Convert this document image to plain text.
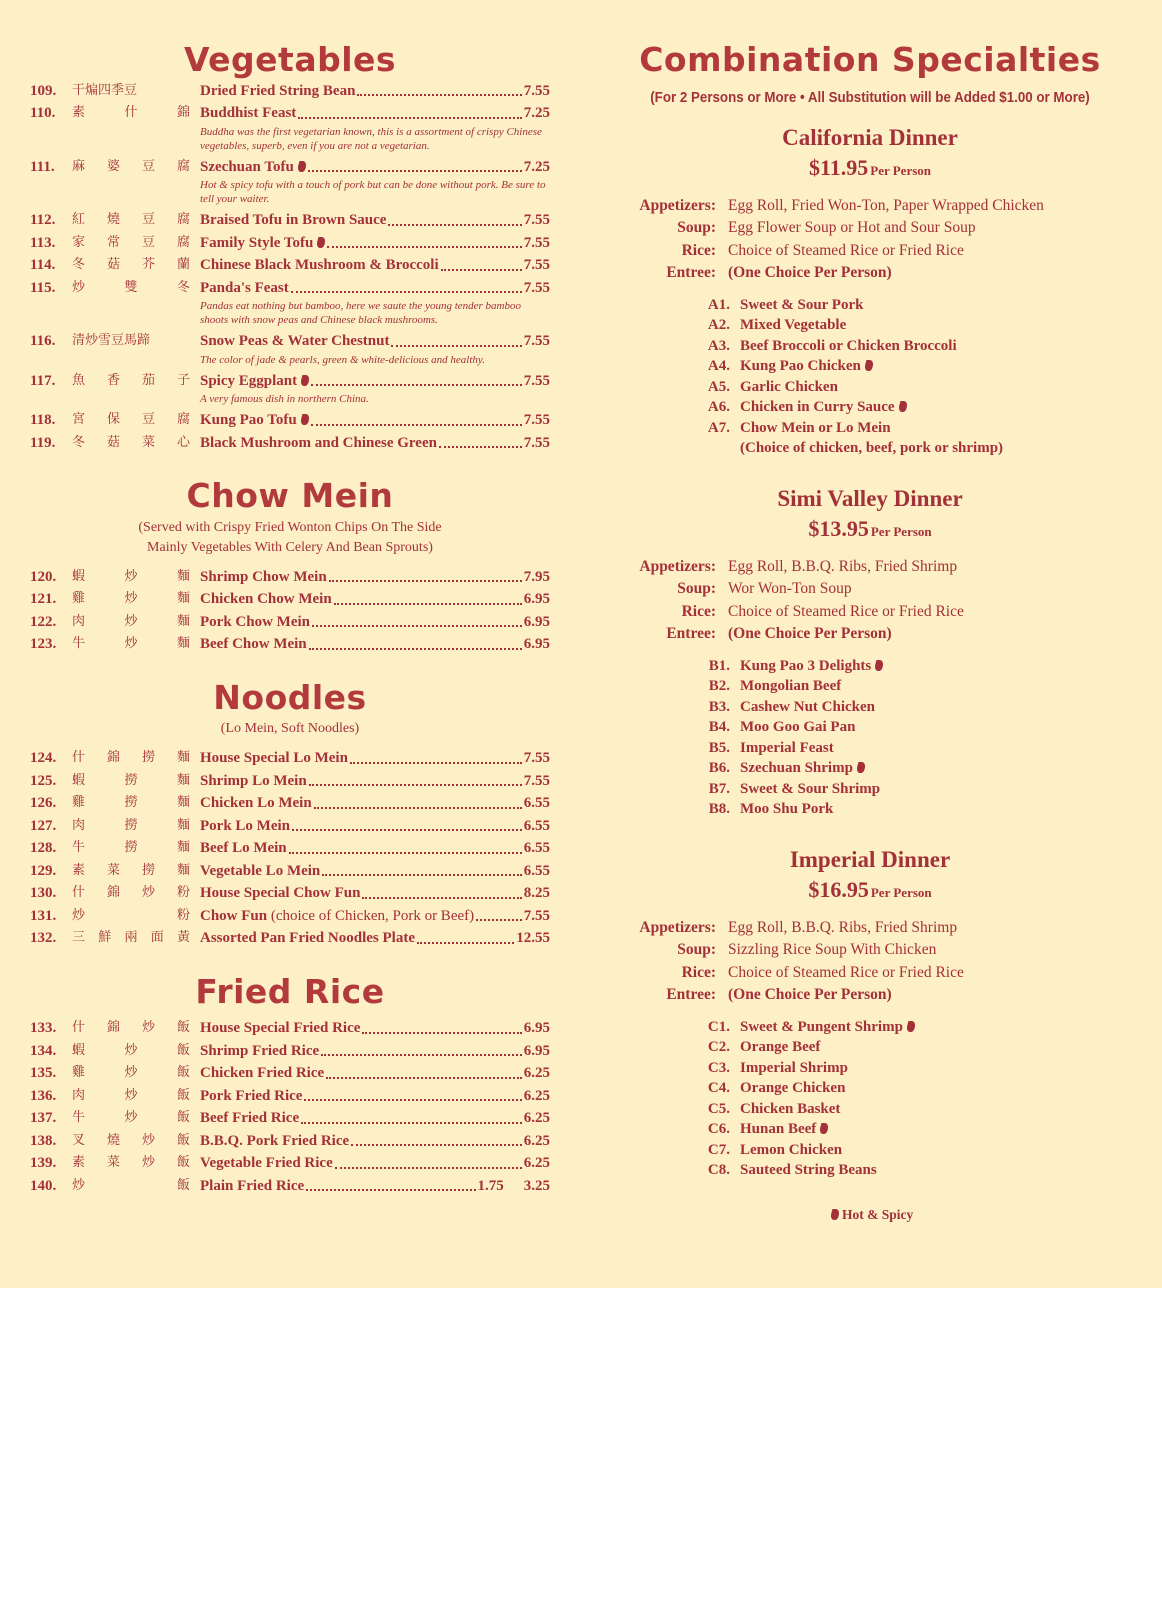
Vegetables
109.	干煸四季豆	Dried Fried String Bean	7.55
110.	素	什	錦 Buddhist Feast	7.25
Buddha was the first vegetarian known, this is a assortment of crispy Chinese vegetables, superb, even if you are not a vegetarian.
111.	麻 婆 豆 腐 Szechuan Tofu	7.25
Hot & spicy tofu with a touch of pork but can be done without pork. Be sure to tell your waiter.
112.	紅 燒 豆 腐 Braised Tofu in Brown Sauce	7.55
113.	家 常 豆 腐 Family Style Tofu	7.55
114.	冬 菇 芥 蘭 Chinese Black Mushroom & Broccoli	7.55
115.	炒	雙	冬 Panda's Feast	7.55
Pandas eat nothing but bamboo, here we saute the young tender bamboo shoots with snow peas and Chinese black mushrooms.
116.	清炒雪豆馬蹄	Snow Peas & Water Chestnut	7.55
The color of jade & pearls, green & white-delicious and healthy.
117.	魚 香 茄 子 Spicy Eggplant	7.55
A very famous dish in northern China.
118.	宮 保 豆 腐 Kung Pao Tofu	7.55
119.	冬 菇 菜 心 Black Mushroom and Chinese Green	7.55
Chow Mein
(Served with Crispy Fried Wonton Chips On The Side
Mainly Vegetables With Celery And Bean Sprouts)
120.	蝦	炒	麵 Shrimp Chow Mein	7.95
121.	雞	炒	麵 Chicken Chow Mein	6.95
122.	肉	炒	麵 Pork Chow Mein	6.95
123.	牛	炒	麵 Beef Chow Mein	6.95
Noodles
(Lo Mein, Soft Noodles)
124.	什 錦 撈 麵 House Special Lo Mein	7.55
125.	蝦	撈	麵 Shrimp Lo Mein	7.55
126.	雞	撈	麵 Chicken Lo Mein	6.55
127.	肉	撈	麵 Pork Lo Mein	6.55
128.	牛	撈	麵 Beef Lo Mein	6.55
129.	素 菜 撈 麵 Vegetable Lo Mein	6.55
130.	什 錦 炒 粉 House Special Chow Fun	8.25
131.	炒	粉 Chow Fun (choice of Chicken, Pork or Beef)	7.55
132.	三 鮮 兩 面 黃 Assorted Pan Fried Noodles Plate	12.55
Fried Rice
133.	什 錦 炒 飯 House Special Fried Rice	6.95
134.	蝦	炒	飯 Shrimp Fried Rice	6.95
135.	雞	炒	飯 Chicken Fried Rice	6.25
136.	肉	炒	飯 Pork Fried Rice	6.25
137.	牛	炒	飯 Beef Fried Rice	6.25
138.	叉 燒 炒 飯 B.B.Q. Pork Fried Rice	6.25
139.	素 菜 炒 飯 Vegetable Fried Rice	6.25
140.	炒	飯 Plain Fried Rice	1.75 3.25
Combination Specialties
(For 2 Persons or More • All Substitution will be Added $1.00 or More)
California Dinner
$11.95 Per Person
Appetizers: Egg Roll, Fried Won-Ton, Paper Wrapped Chicken
Soup: Egg Flower Soup or Hot and Sour Soup
Rice: Choice of Steamed Rice or Fried Rice
Entree: (One Choice Per Person)
A1. Sweet & Sour Pork
A2. Mixed Vegetable
A3. Beef Broccoli or Chicken Broccoli
A4. Kung Pao Chicken
A5. Garlic Chicken
A6. Chicken in Curry Sauce
A7. Chow Mein or Lo Mein
(Choice of chicken, beef, pork or shrimp)
Simi Valley Dinner
$13.95 Per Person
Appetizers: Egg Roll, B.B.Q. Ribs, Fried Shrimp
Soup: Wor Won-Ton Soup
Rice: Choice of Steamed Rice or Fried Rice
Entree: (One Choice Per Person)
B1. Kung Pao 3 Delights
B2. Mongolian Beef
B3. Cashew Nut Chicken
B4. Moo Goo Gai Pan
B5. Imperial Feast
B6. Szechuan Shrimp
B7. Sweet & Sour Shrimp
B8. Moo Shu Pork
Imperial Dinner
$16.95 Per Person
Appetizers: Egg Roll, B.B.Q. Ribs, Fried Shrimp
Soup: Sizzling Rice Soup With Chicken
Rice: Choice of Steamed Rice or Fried Rice
Entree: (One Choice Per Person)
C1. Sweet & Pungent Shrimp
C2. Orange Beef
C3. Imperial Shrimp
C4. Orange Chicken
C5. Chicken Basket
C6. Hunan Beef
C7. Lemon Chicken
C8. Sauteed String Beans
Hot & Spicy
